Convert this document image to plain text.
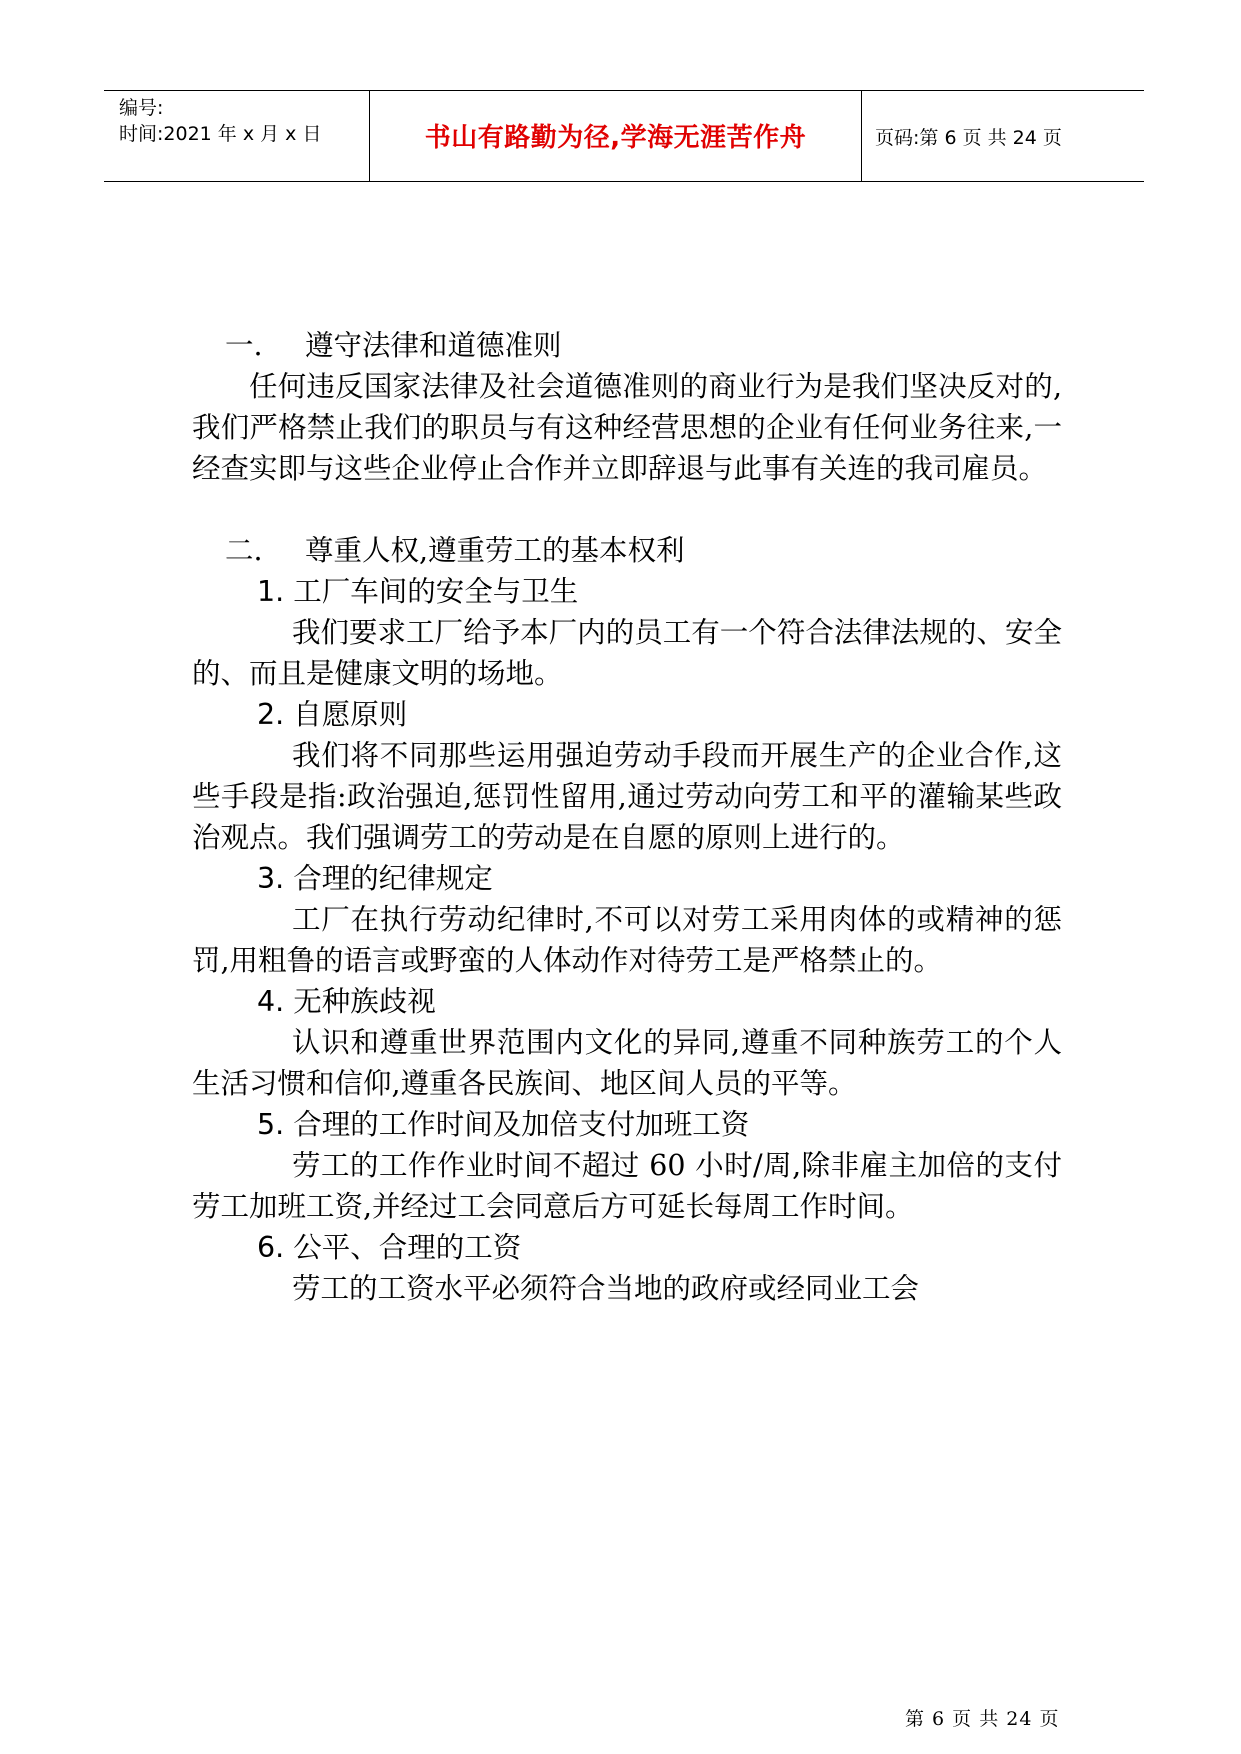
编号:
时间:2021 年 x 月 x 日	书山有路勤为径,学海无涯苦作舟	页码:第 6 页 共 24 页

一. 遵守法律和道德准则

任何违反国家法律及社会道德准则的商业行为是我们坚决反对的,我们严格禁止我们的职员与有这种经营思想的企业有任何业务往来,一经查实即与这些企业停止合作并立即辞退与此事有关连的我司雇员。

二. 尊重人权,遵重劳工的基本权利

1. 工厂车间的安全与卫生

我们要求工厂给予本厂内的员工有一个符合法律法规的、安全的、而且是健康文明的场地。

2. 自愿原则

我们将不同那些运用强迫劳动手段而开展生产的企业合作,这些手段是指:政治强迫,惩罚性留用,通过劳动向劳工和平的灌输某些政治观点。我们强调劳工的劳动是在自愿的原则上进行的。

3. 合理的纪律规定

工厂在执行劳动纪律时,不可以对劳工采用肉体的或精神的惩罚,用粗鲁的语言或野蛮的人体动作对待劳工是严格禁止的。

4. 无种族歧视

认识和遵重世界范围内文化的异同,遵重不同种族劳工的个人生活习惯和信仰,遵重各民族间、地区间人员的平等。

5. 合理的工作时间及加倍支付加班工资

劳工的工作作业时间不超过 60 小时/周,除非雇主加倍的支付劳工加班工资,并经过工会同意后方可延长每周工作时间。

6. 公平、合理的工资

劳工的工资水平必须符合当地的政府或经同业工会

第 6 页 共 24 页
